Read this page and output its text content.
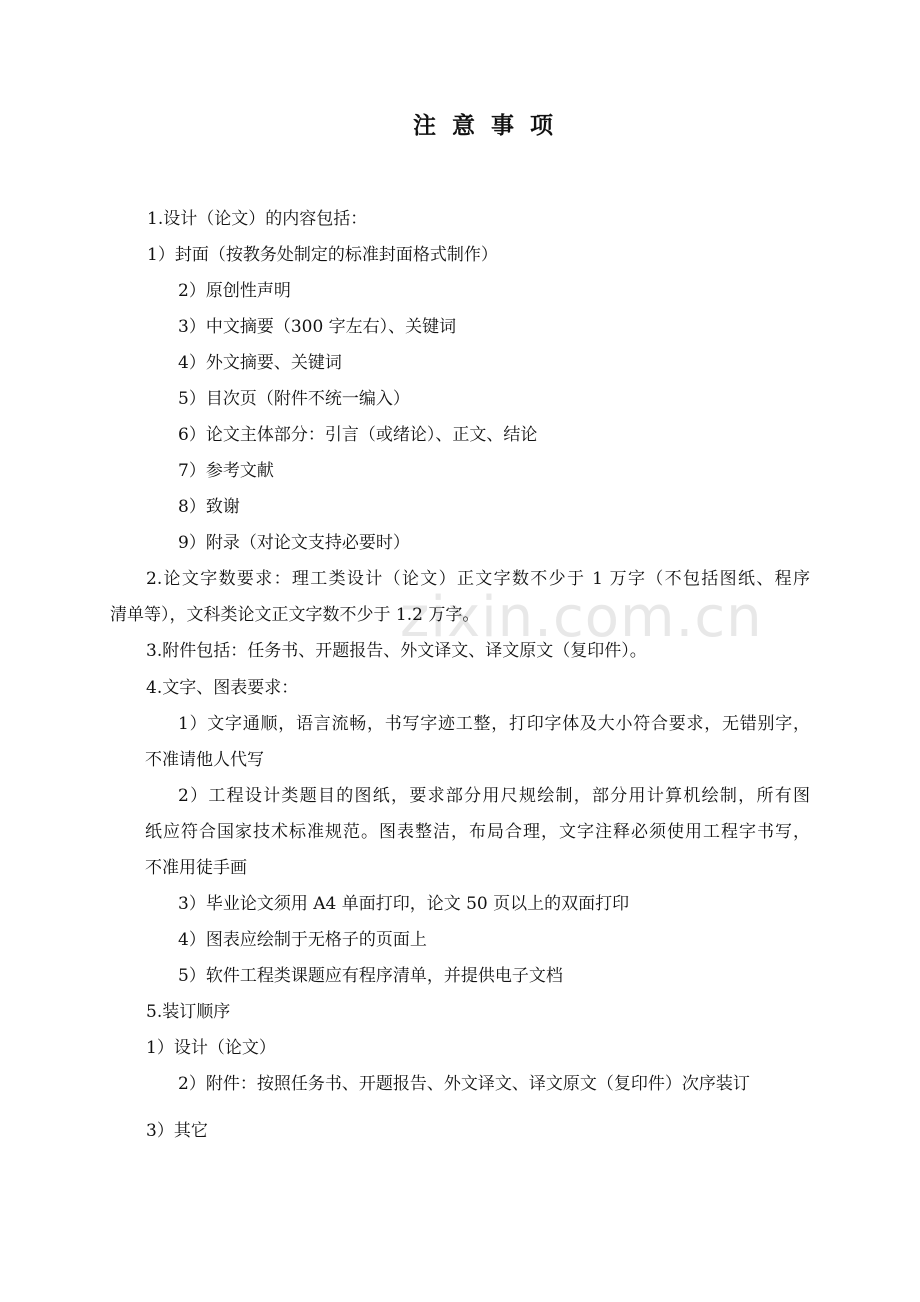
zixin.com.cn
注 意 事 项
1.设计（论文）的内容包括：
1）封面（按教务处制定的标准封面格式制作）
2）原创性声明
3）中文摘要（300 字左右）、关键词
4）外文摘要、关键词
5）目次页（附件不统一编入）
6）论文主体部分：引言（或绪论）、正文、结论
7）参考文献
8）致谢
9）附录（对论文支持必要时）
2.论文字数要求：理工类设计（论文）正文字数不少于 1 万字（不包括图纸、程序
清单等），文科类论文正文字数不少于 1.2 万字。
3.附件包括：任务书、开题报告、外文译文、译文原文（复印件）。
4.文字、图表要求：
1）文字通顺，语言流畅，书写字迹工整，打印字体及大小符合要求，无错别字，
不准请他人代写
2）工程设计类题目的图纸，要求部分用尺规绘制，部分用计算机绘制，所有图
纸应符合国家技术标准规范。图表整洁，布局合理，文字注释必须使用工程字书写，
不准用徒手画
3）毕业论文须用 A4 单面打印，论文 50 页以上的双面打印
4）图表应绘制于无格子的页面上
5）软件工程类课题应有程序清单，并提供电子文档
5.装订顺序
1）设计（论文）
2）附件：按照任务书、开题报告、外文译文、译文原文（复印件）次序装订
3）其它
